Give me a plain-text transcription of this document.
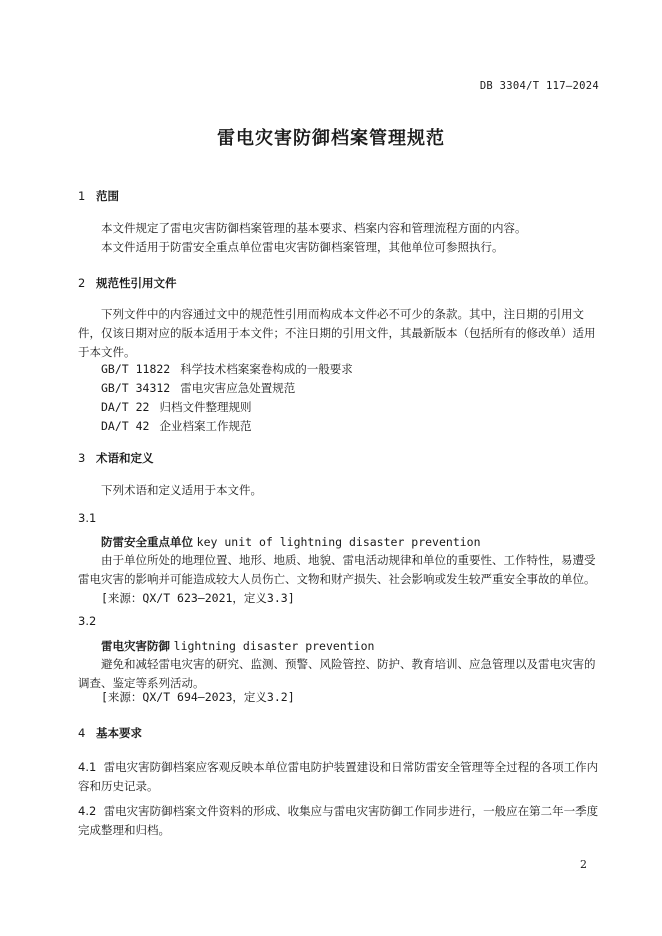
DB 3304/T 117—2024
雷电灾害防御档案管理规范
1 范围
本文件规定了雷电灾害防御档案管理的基本要求、档案内容和管理流程方面的内容。
本文件适用于防雷安全重点单位雷电灾害防御档案管理，其他单位可参照执行。
2 规范性引用文件
下列文件中的内容通过文中的规范性引用而构成本文件必不可少的条款。其中，注日期的引用文件，仅该日期对应的版本适用于本文件；不注日期的引用文件，其最新版本（包括所有的修改单）适用于本文件。
GB/T 11822 科学技术档案案卷构成的一般要求
GB/T 34312 雷电灾害应急处置规范
DA/T 22 归档文件整理规则
DA/T 42 企业档案工作规范
3 术语和定义
下列术语和定义适用于本文件。
3.1
防雷安全重点单位 key unit of lightning disaster prevention
由于单位所处的地理位置、地形、地质、地貌、雷电活动规律和单位的重要性、工作特性，易遭受雷电灾害的影响并可能造成较大人员伤亡、文物和财产损失、社会影响或发生较严重安全事故的单位。
[来源：QX/T 623—2021，定义3.3]
3.2
雷电灾害防御 lightning disaster prevention
避免和减轻雷电灾害的研究、监测、预警、风险管控、防护、教育培训、应急管理以及雷电灾害的调查、鉴定等系列活动。
[来源：QX/T 694—2023，定义3.2]
4 基本要求
4.1 雷电灾害防御档案应客观反映本单位雷电防护装置建设和日常防雷安全管理等全过程的各项工作内容和历史记录。
4.2 雷电灾害防御档案文件资料的形成、收集应与雷电灾害防御工作同步进行，一般应在第二年一季度完成整理和归档。
2
